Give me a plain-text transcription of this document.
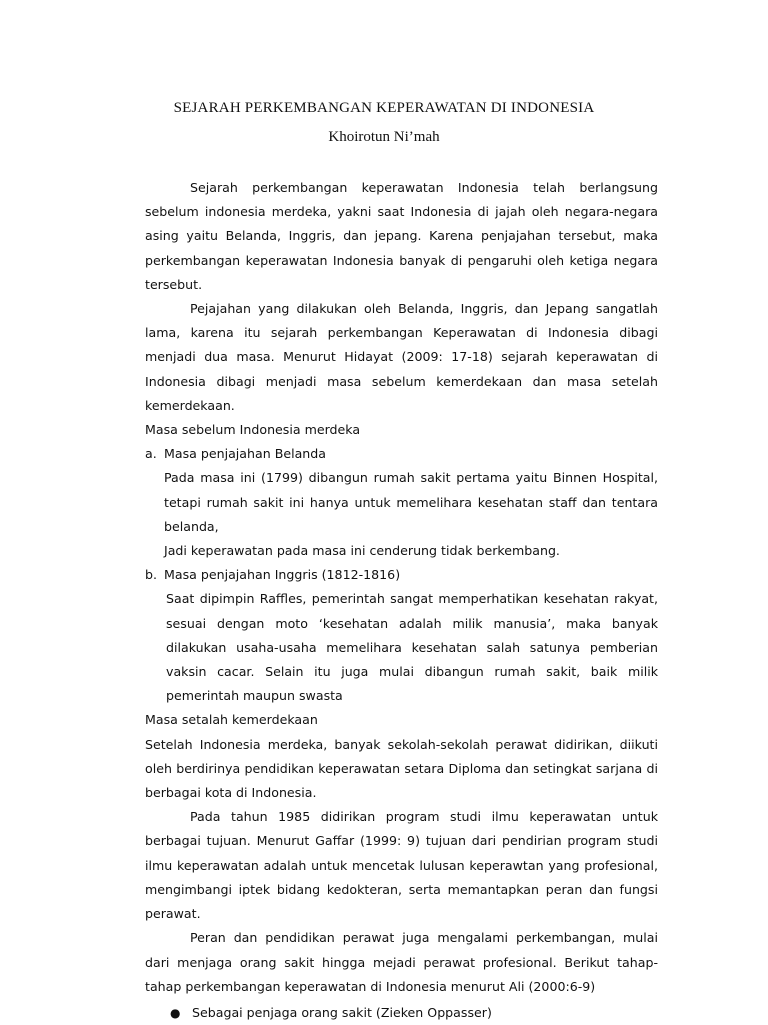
SEJARAH PERKEMBANGAN KEPERAWATAN DI INDONESIA
Khoirotun Ni’mah

Sejarah perkembangan keperawatan Indonesia telah berlangsung sebelum indonesia merdeka, yakni saat Indonesia di jajah oleh negara-negara asing yaitu Belanda, Inggris, dan jepang. Karena penjajahan tersebut, maka perkembangan keperawatan Indonesia banyak di pengaruhi oleh ketiga negara tersebut.

Pejajahan yang dilakukan oleh Belanda, Inggris, dan Jepang sangatlah lama, karena itu sejarah perkembangan Keperawatan di Indonesia dibagi menjadi dua masa. Menurut Hidayat (2009: 17-18) sejarah keperawatan di Indonesia dibagi menjadi masa sebelum kemerdekaan dan masa setelah kemerdekaan.

Masa sebelum Indonesia merdeka

a. Masa penjajahan Belanda

Pada masa ini (1799) dibangun rumah sakit pertama yaitu Binnen Hospital, tetapi rumah sakit ini hanya untuk memelihara kesehatan staff dan tentara belanda,

Jadi keperawatan pada masa ini cenderung tidak berkembang.

b. Masa penjajahan Inggris (1812-1816)

Saat dipimpin Raffles, pemerintah sangat memperhatikan kesehatan rakyat, sesuai dengan moto ‘kesehatan adalah milik manusia’, maka banyak dilakukan usaha-usaha memelihara kesehatan salah satunya pemberian vaksin cacar. Selain itu juga mulai dibangun rumah sakit, baik milik pemerintah maupun swasta

Masa setalah kemerdekaan

Setelah Indonesia merdeka, banyak sekolah-sekolah perawat didirikan, diikuti oleh berdirinya pendidikan keperawatan setara Diploma dan setingkat sarjana di berbagai kota di Indonesia.

Pada tahun 1985 didirikan program studi ilmu keperawatan untuk berbagai tujuan. Menurut Gaffar (1999: 9) tujuan dari pendirian program studi ilmu keperawatan adalah untuk mencetak lulusan keperawtan yang profesional, mengimbangi iptek bidang kedokteran, serta memantapkan peran dan fungsi perawat.

Peran dan pendidikan perawat juga mengalami perkembangan, mulai dari menjaga orang sakit hingga mejadi perawat profesional. Berikut tahap-tahap perkembangan keperawatan di Indonesia menurut Ali (2000:6-9)

● Sebagai penjaga orang sakit (Zieken Oppasser)
